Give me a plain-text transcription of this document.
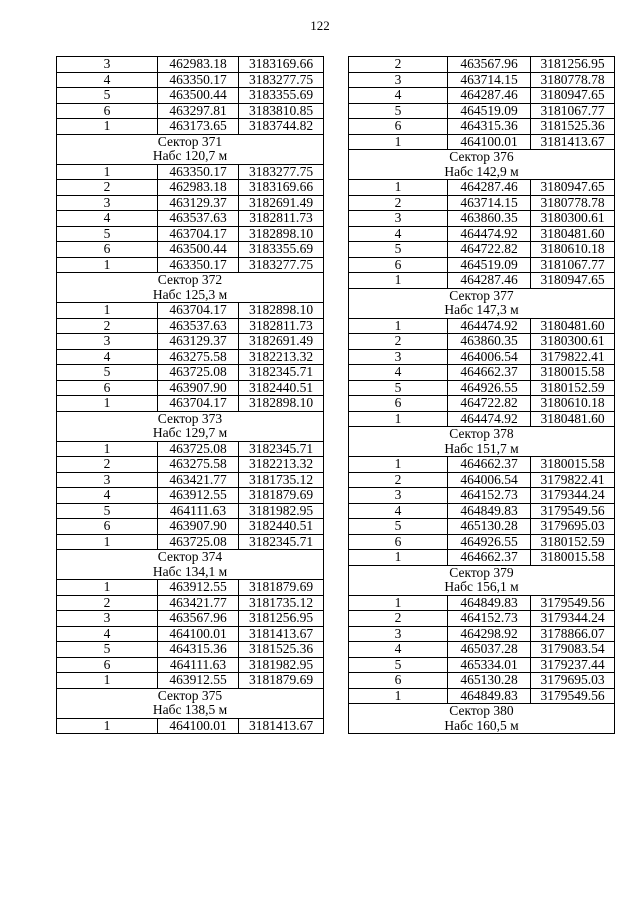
122
3	462983.18	3183169.66
4	463350.17	3183277.75
5	463500.44	3183355.69
6	463297.81	3183810.85
1	463173.65	3183744.82
Сектор 371		
Набс 120,7 м		
1	463350.17	3183277.75
2	462983.18	3183169.66
3	463129.37	3182691.49
4	463537.63	3182811.73
5	463704.17	3182898.10
6	463500.44	3183355.69
1	463350.17	3183277.75
Сектор 372		
Набс 125,3 м		
1	463704.17	3182898.10
2	463537.63	3182811.73
3	463129.37	3182691.49
4	463275.58	3182213.32
5	463725.08	3182345.71
6	463907.90	3182440.51
1	463704.17	3182898.10
Сектор 373		
Набс 129,7 м		
1	463725.08	3182345.71
2	463275.58	3182213.32
3	463421.77	3181735.12
4	463912.55	3181879.69
5	464111.63	3181982.95
6	463907.90	3182440.51
1	463725.08	3182345.71
Сектор 374		
Набс 134,1 м		
1	463912.55	3181879.69
2	463421.77	3181735.12
3	463567.96	3181256.95
4	464100.01	3181413.67
5	464315.36	3181525.36
6	464111.63	3181982.95
1	463912.55	3181879.69
Сектор 375		
Набс 138,5 м		
1	464100.01	3181413.67
2	463567.96	3181256.95
3	463714.15	3180778.78
4	464287.46	3180947.65
5	464519.09	3181067.77
6	464315.36	3181525.36
1	464100.01	3181413.67
Сектор 376		
Набс 142,9 м		
1	464287.46	3180947.65
2	463714.15	3180778.78
3	463860.35	3180300.61
4	464474.92	3180481.60
5	464722.82	3180610.18
6	464519.09	3181067.77
1	464287.46	3180947.65
Сектор 377		
Набс 147,3 м		
1	464474.92	3180481.60
2	463860.35	3180300.61
3	464006.54	3179822.41
4	464662.37	3180015.58
5	464926.55	3180152.59
6	464722.82	3180610.18
1	464474.92	3180481.60
Сектор 378		
Набс 151,7 м		
1	464662.37	3180015.58
2	464006.54	3179822.41
3	464152.73	3179344.24
4	464849.83	3179549.56
5	465130.28	3179695.03
6	464926.55	3180152.59
1	464662.37	3180015.58
Сектор 379		
Набс 156,1 м		
1	464849.83	3179549.56
2	464152.73	3179344.24
3	464298.92	3178866.07
4	465037.28	3179083.54
5	465334.01	3179237.44
6	465130.28	3179695.03
1	464849.83	3179549.56
Сектор 380		
Набс 160,5 м		
